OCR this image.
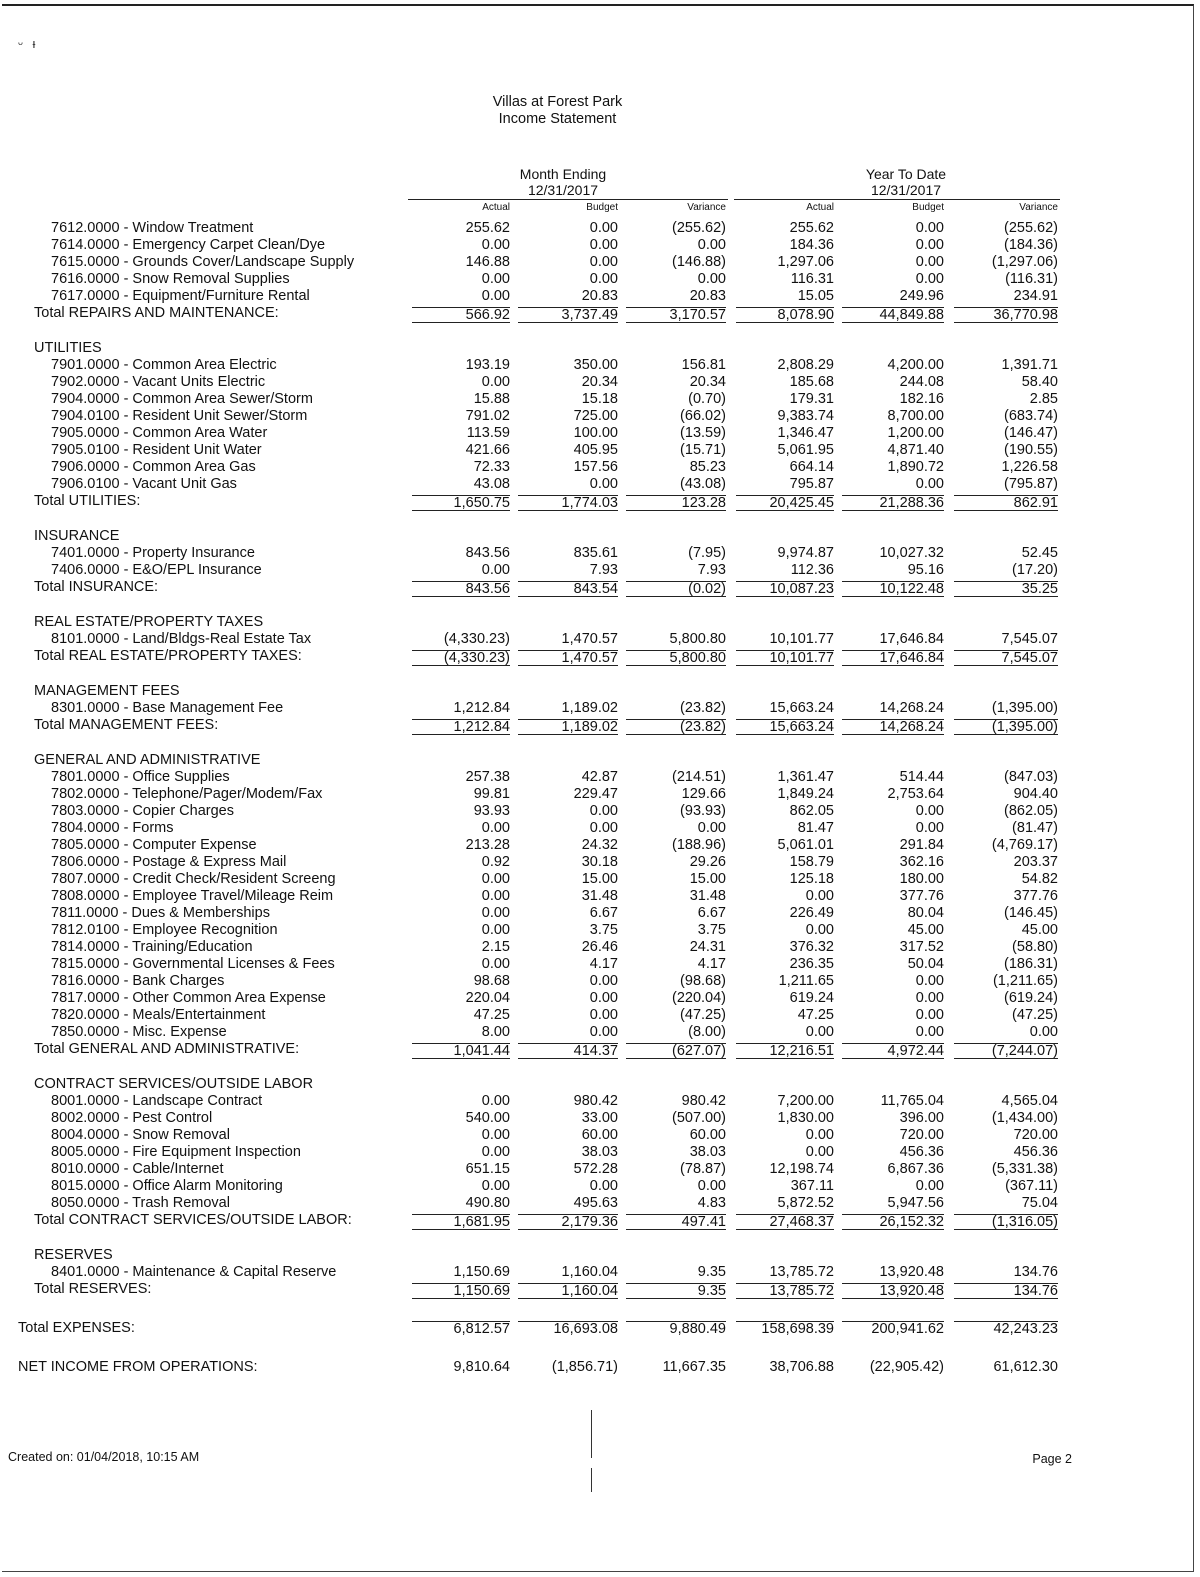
ᵕ ᵼ
Villas at Forest Park
Income Statement
Month Ending
12/31/2017
Year To Date
12/31/2017
Actual	Budget	Variance	Actual	Budget	Variance
7612.0000 - Window Treatment	255.62	0.00	(255.62)	255.62	0.00	(255.62)
7614.0000 - Emergency Carpet Clean/Dye	0.00	0.00	0.00	184.36	0.00	(184.36)
7615.0000 - Grounds Cover/Landscape Supply	146.88	0.00	(146.88)	1,297.06	0.00	(1,297.06)
7616.0000 - Snow Removal Supplies	0.00	0.00	0.00	116.31	0.00	(116.31)
7617.0000 - Equipment/Furniture Rental	0.00	20.83	20.83	15.05	249.96	234.91
Total REPAIRS AND MAINTENANCE:	566.92	3,737.49	3,170.57	8,078.90	44,849.88	36,770.98
UTILITIES
7901.0000 - Common Area Electric	193.19	350.00	156.81	2,808.29	4,200.00	1,391.71
7902.0000 - Vacant Units Electric	0.00	20.34	20.34	185.68	244.08	58.40
7904.0000 - Common Area Sewer/Storm	15.88	15.18	(0.70)	179.31	182.16	2.85
7904.0100 - Resident Unit Sewer/Storm	791.02	725.00	(66.02)	9,383.74	8,700.00	(683.74)
7905.0000 - Common Area Water	113.59	100.00	(13.59)	1,346.47	1,200.00	(146.47)
7905.0100 - Resident Unit Water	421.66	405.95	(15.71)	5,061.95	4,871.40	(190.55)
7906.0000 - Common Area Gas	72.33	157.56	85.23	664.14	1,890.72	1,226.58
7906.0100 - Vacant Unit Gas	43.08	0.00	(43.08)	795.87	0.00	(795.87)
Total UTILITIES:	1,650.75	1,774.03	123.28	20,425.45	21,288.36	862.91
INSURANCE
7401.0000 - Property Insurance	843.56	835.61	(7.95)	9,974.87	10,027.32	52.45
7406.0000 - E&O/EPL Insurance	0.00	7.93	7.93	112.36	95.16	(17.20)
Total INSURANCE:	843.56	843.54	(0.02)	10,087.23	10,122.48	35.25
REAL ESTATE/PROPERTY TAXES
8101.0000 - Land/Bldgs-Real Estate Tax	(4,330.23)	1,470.57	5,800.80	10,101.77	17,646.84	7,545.07
Total REAL ESTATE/PROPERTY TAXES:	(4,330.23)	1,470.57	5,800.80	10,101.77	17,646.84	7,545.07
MANAGEMENT FEES
8301.0000 - Base Management Fee	1,212.84	1,189.02	(23.82)	15,663.24	14,268.24	(1,395.00)
Total MANAGEMENT FEES:	1,212.84	1,189.02	(23.82)	15,663.24	14,268.24	(1,395.00)
GENERAL AND ADMINISTRATIVE
7801.0000 - Office Supplies	257.38	42.87	(214.51)	1,361.47	514.44	(847.03)
7802.0000 - Telephone/Pager/Modem/Fax	99.81	229.47	129.66	1,849.24	2,753.64	904.40
7803.0000 - Copier Charges	93.93	0.00	(93.93)	862.05	0.00	(862.05)
7804.0000 - Forms	0.00	0.00	0.00	81.47	0.00	(81.47)
7805.0000 - Computer Expense	213.28	24.32	(188.96)	5,061.01	291.84	(4,769.17)
7806.0000 - Postage & Express Mail	0.92	30.18	29.26	158.79	362.16	203.37
7807.0000 - Credit Check/Resident Screeng	0.00	15.00	15.00	125.18	180.00	54.82
7808.0000 - Employee Travel/Mileage Reim	0.00	31.48	31.48	0.00	377.76	377.76
7811.0000 - Dues & Memberships	0.00	6.67	6.67	226.49	80.04	(146.45)
7812.0100 - Employee Recognition	0.00	3.75	3.75	0.00	45.00	45.00
7814.0000 - Training/Education	2.15	26.46	24.31	376.32	317.52	(58.80)
7815.0000 - Governmental Licenses & Fees	0.00	4.17	4.17	236.35	50.04	(186.31)
7816.0000 - Bank Charges	98.68	0.00	(98.68)	1,211.65	0.00	(1,211.65)
7817.0000 - Other Common Area Expense	220.04	0.00	(220.04)	619.24	0.00	(619.24)
7820.0000 - Meals/Entertainment	47.25	0.00	(47.25)	47.25	0.00	(47.25)
7850.0000 - Misc. Expense	8.00	0.00	(8.00)	0.00	0.00	0.00
Total GENERAL AND ADMINISTRATIVE:	1,041.44	414.37	(627.07)	12,216.51	4,972.44	(7,244.07)
CONTRACT SERVICES/OUTSIDE LABOR
8001.0000 - Landscape Contract	0.00	980.42	980.42	7,200.00	11,765.04	4,565.04
8002.0000 - Pest Control	540.00	33.00	(507.00)	1,830.00	396.00	(1,434.00)
8004.0000 - Snow Removal	0.00	60.00	60.00	0.00	720.00	720.00
8005.0000 - Fire Equipment Inspection	0.00	38.03	38.03	0.00	456.36	456.36
8010.0000 - Cable/Internet	651.15	572.28	(78.87)	12,198.74	6,867.36	(5,331.38)
8015.0000 - Office Alarm Monitoring	0.00	0.00	0.00	367.11	0.00	(367.11)
8050.0000 - Trash Removal	490.80	495.63	4.83	5,872.52	5,947.56	75.04
Total CONTRACT SERVICES/OUTSIDE LABOR:	1,681.95	2,179.36	497.41	27,468.37	26,152.32	(1,316.05)
RESERVES
8401.0000 - Maintenance & Capital Reserve	1,150.69	1,160.04	9.35	13,785.72	13,920.48	134.76
Total RESERVES:	1,150.69	1,160.04	9.35	13,785.72	13,920.48	134.76
Total EXPENSES:	6,812.57	16,693.08	9,880.49	158,698.39	200,941.62	42,243.23
NET INCOME FROM OPERATIONS:	9,810.64	(1,856.71)	11,667.35	38,706.88	(22,905.42)	61,612.30
Created on: 01/04/2018, 10:15 AM	Page 2
